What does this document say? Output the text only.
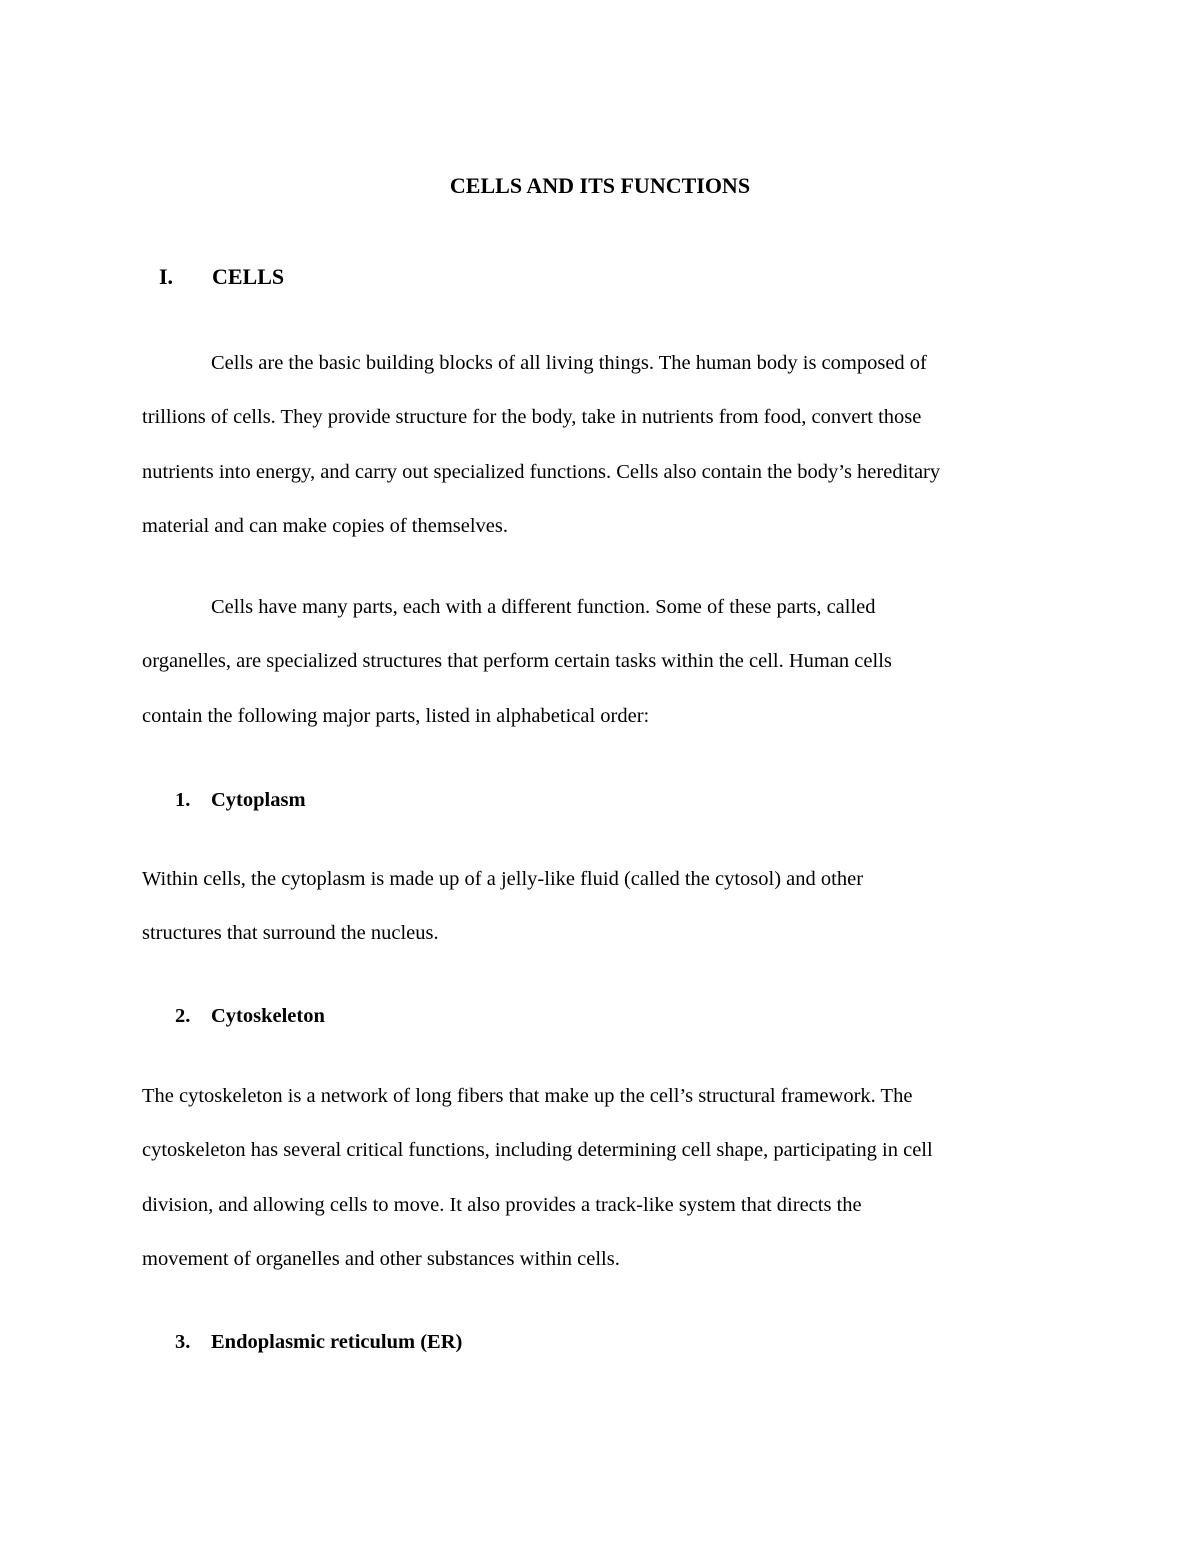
CELLS AND ITS FUNCTIONS
I. CELLS

Cells are the basic building blocks of all living things. The human body is composed of
trillions of cells. They provide structure for the body, take in nutrients from food, convert those
nutrients into energy, and carry out specialized functions. Cells also contain the body’s hereditary
material and can make copies of themselves.

Cells have many parts, each with a different function. Some of these parts, called
organelles, are specialized structures that perform certain tasks within the cell. Human cells
contain the following major parts, listed in alphabetical order:

1. Cytoplasm

Within cells, the cytoplasm is made up of a jelly-like fluid (called the cytosol) and other
structures that surround the nucleus.

2. Cytoskeleton

The cytoskeleton is a network of long fibers that make up the cell’s structural framework. The
cytoskeleton has several critical functions, including determining cell shape, participating in cell
division, and allowing cells to move. It also provides a track-like system that directs the
movement of organelles and other substances within cells.

3. Endoplasmic reticulum (ER)
